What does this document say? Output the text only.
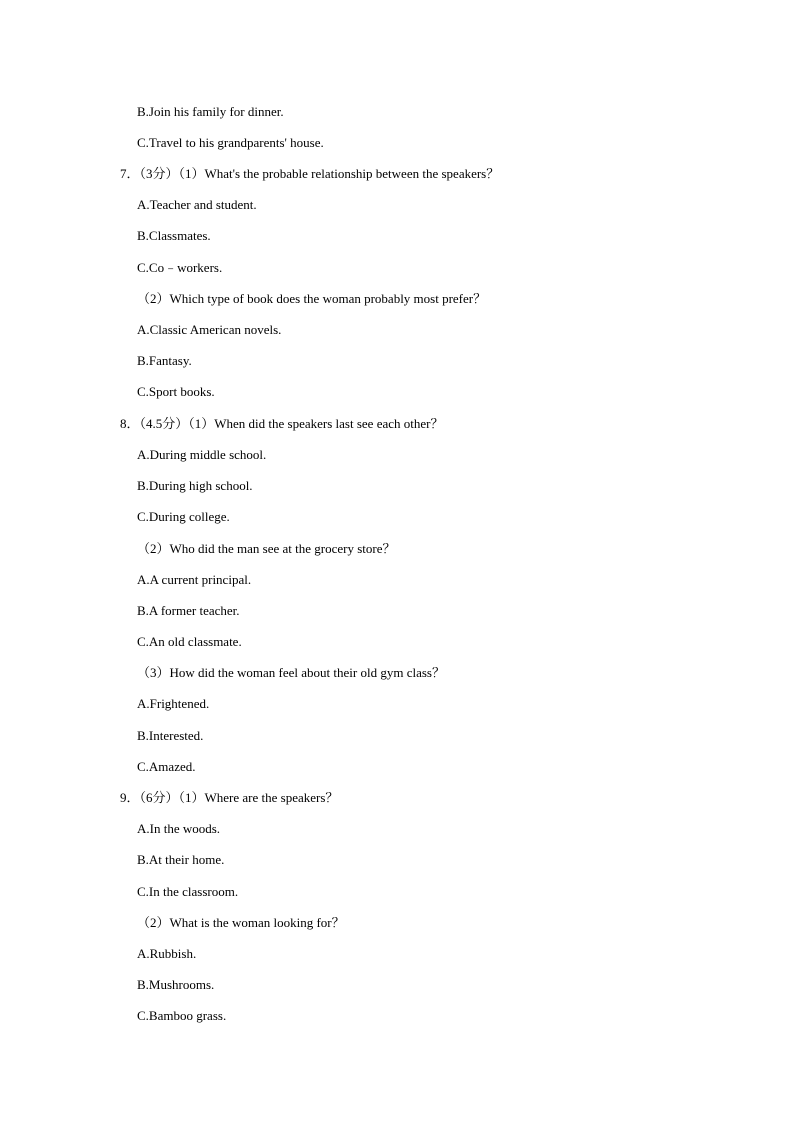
B.Join his family for dinner.
C.Travel to his grandparents' house.
7．（3分）（1）What's the probable relationship between the speakers？
A.Teacher and student.
B.Classmates.
C.Co﹣workers.
（2）Which type of book does the woman probably most prefer？
A.Classic American novels.
B.Fantasy.
C.Sport books.
8．（4.5分）（1）When did the speakers last see each other？
A.During middle school.
B.During high school.
C.During college.
（2）Who did the man see at the grocery store？
A.A current principal.
B.A former teacher.
C.An old classmate.
（3）How did the woman feel about their old gym class？
A.Frightened.
B.Interested.
C.Amazed.
9．（6分）（1）Where are the speakers？
A.In the woods.
B.At their home.
C.In the classroom.
（2）What is the woman looking for？
A.Rubbish.
B.Mushrooms.
C.Bamboo grass.
